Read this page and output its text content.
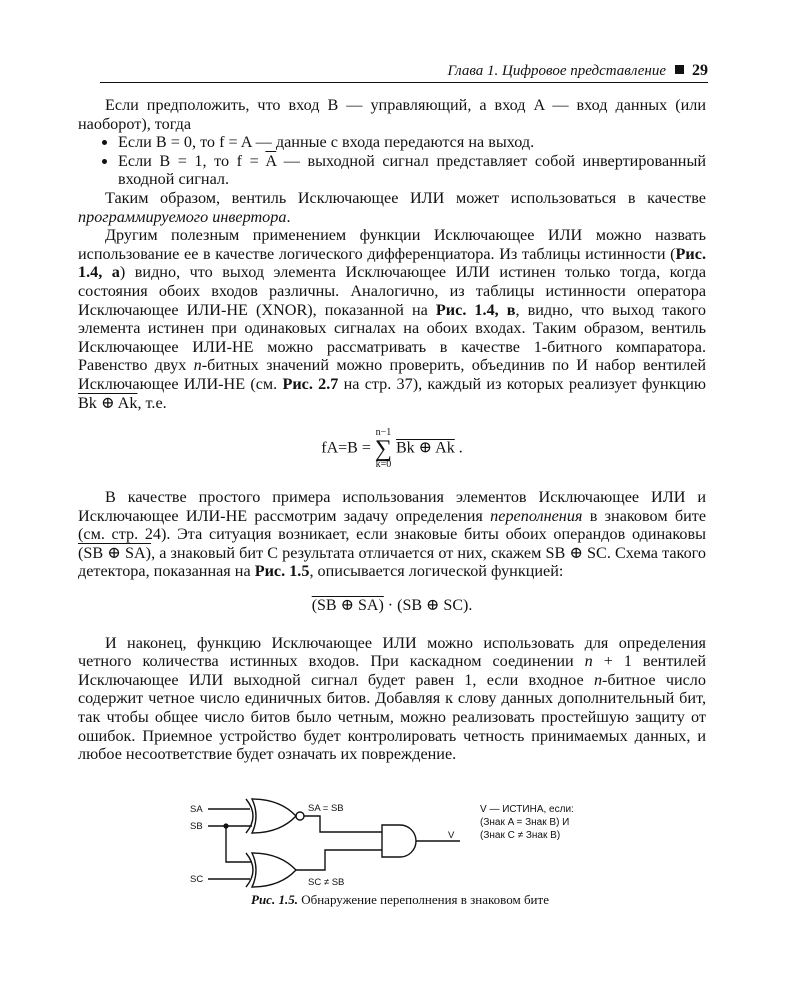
Глава 1. Цифровое представление 29

Если предположить, что вход B — управляющий, а вход A — вход данных (или наоборот), тогда

• Если B = 0, то f = A — данные с входа передаются на выход.
• Если B = 1, то $f = \overline{A}$ — выходной сигнал представляет собой инвертированный входной сигнал.

Таким образом, вентиль Исключающее ИЛИ может использоваться в качестве программируемого инвертора.

Другим полезным применением функции Исключающее ИЛИ можно назвать использование ее в качестве логического дифференциатора. Из таблицы истинности (Рис. 1.4, а) видно, что выход элемента Исключающее ИЛИ истинен только тогда, когда состояния обоих входов различны. Аналогично, из таблицы истинности оператора Исключающее ИЛИ-НЕ (XNOR), показанной на Рис. 1.4, в, видно, что выход такого элемента истинен при одинаковых сигналах на обоих входах. Таким образом, вентиль Исключающее ИЛИ-НЕ можно рассматривать в качестве 1-битного компаратора. Равенство двух n-битных значений можно проверить, объединив по И набор вентилей Исключающее ИЛИ-НЕ (см. Рис. 2.7 на стр. 37), каждый из которых реализует функцию Bk ⊕ Ak, т.е.

fA=B =
n−1
∑
k=0
Bk ⊕ Ak .

В качестве простого примера использования элементов Исключающее ИЛИ и Исключающее ИЛИ-НЕ рассмотрим задачу определения переполнения в знаковом бите (см. стр. 24). Эта ситуация возникает, если знаковые биты обоих операндов одинаковы (SB ⊕ SA), а знаковый бит C результата отличается от них, скажем SB ⊕ SC. Схема такого детектора, показанная на Рис. 1.5, описывается логической функцией:

(SB ⊕ SA) · (SB ⊕ SC).

И наконец, функцию Исключающее ИЛИ можно использовать для определения четного количества истинных входов. При каскадном соединении n + 1 вентилей Исключающее ИЛИ выходной сигнал будет равен 1, если входное n-битное число содержит четное число единичных битов. Добавляя к слову данных дополнительный бит, так чтобы общее число битов было четным, можно реализовать простейшую защиту от ошибок. Приемное устройство будет контролировать четность принимаемых данных, и любое несоответствие будет означать их повреждение.

SA
SB
SC
SA = SB
SC ≠ SB
V
V — ИСТИНА, если:
(Знак A = Знак B) И
(Знак C ≠ Знак B)
Рис. 1.5. Обнаружение переполнения в знаковом бите
